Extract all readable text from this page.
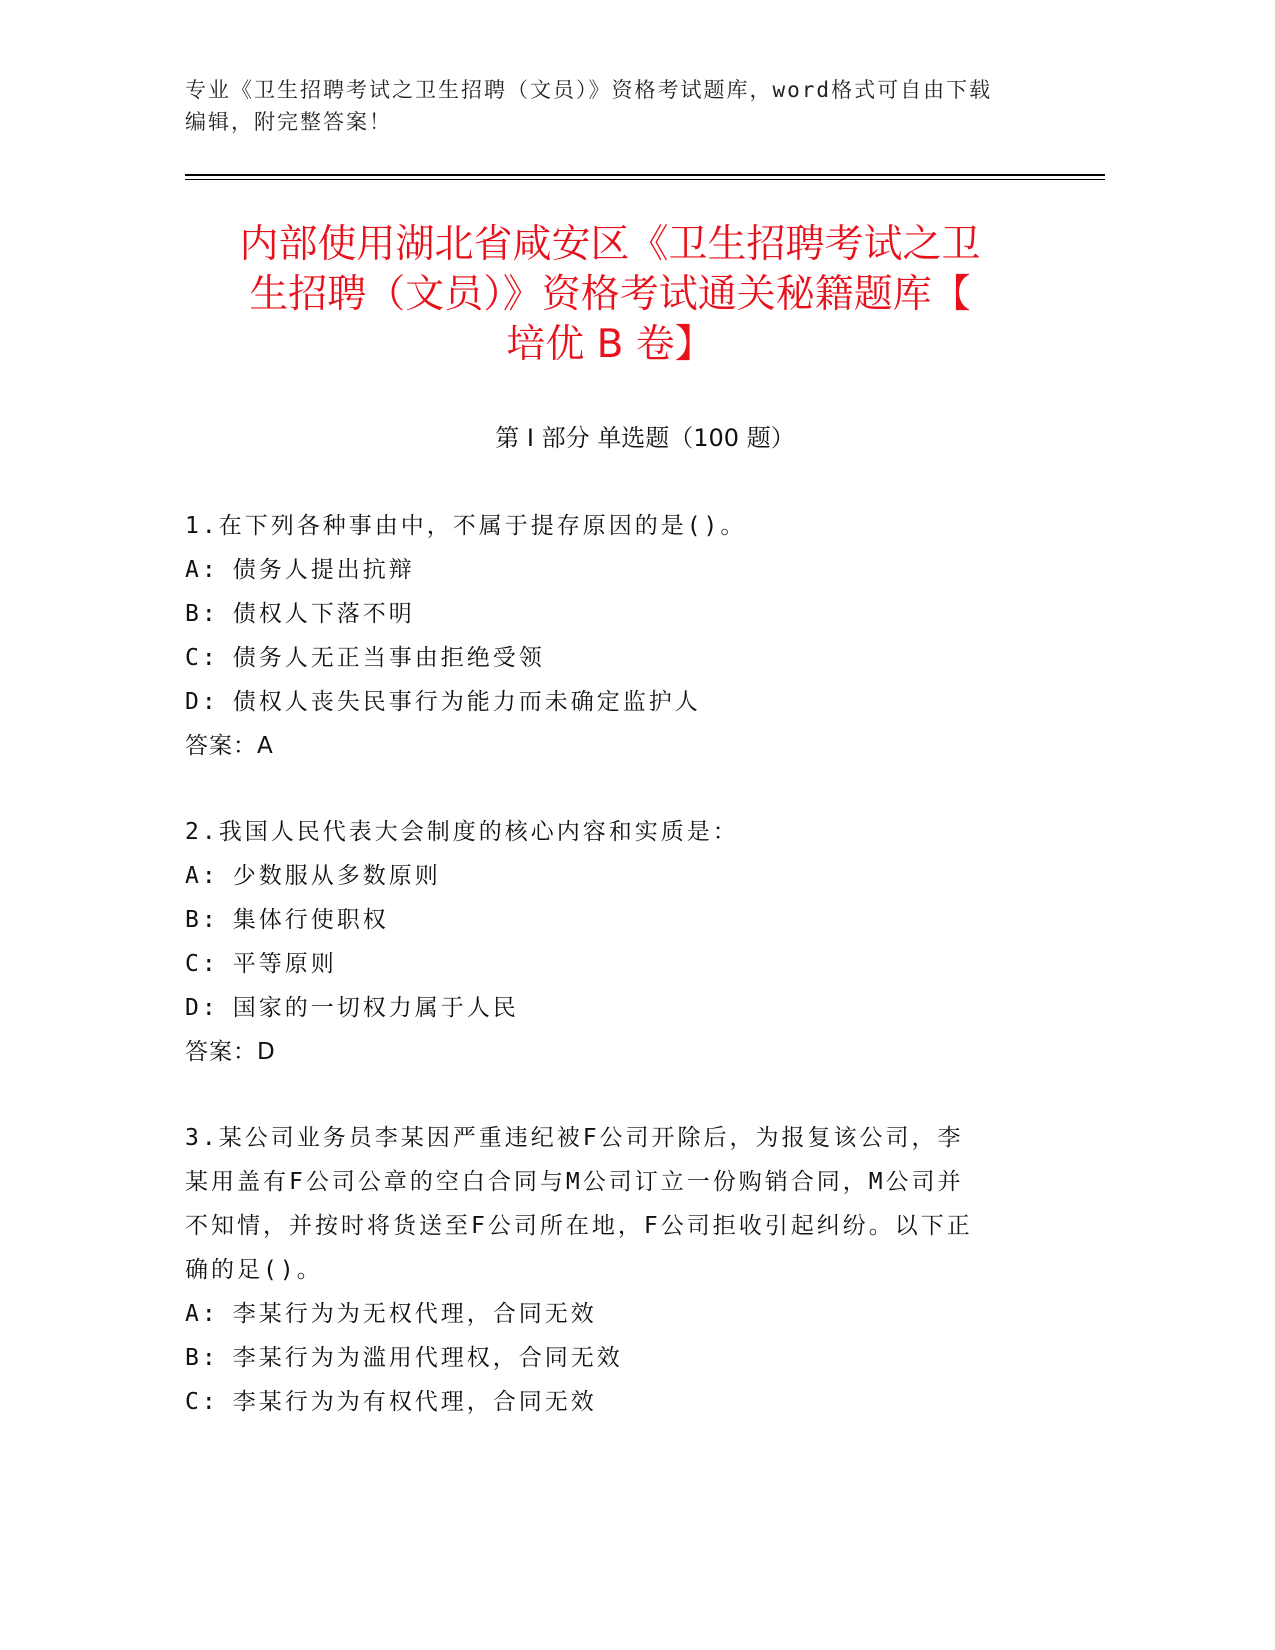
专业《卫生招聘考试之卫生招聘（文员）》资格考试题库，word格式可自由下载
编辑，附完整答案！
内部使用湖北省咸安区《卫生招聘考试之卫
生招聘（文员）》资格考试通关秘籍题库【
培优 B 卷】
第 I 部分 单选题（100 题）
1.在下列各种事由中，不属于提存原因的是()。
A: 债务人提出抗辩
B: 债权人下落不明
C: 债务人无正当事由拒绝受领
D: 债权人丧失民事行为能力而未确定监护人
答案：A
2.我国人民代表大会制度的核心内容和实质是：
A: 少数服从多数原则
B: 集体行使职权
C: 平等原则
D: 国家的一切权力属于人民
答案：D
3.某公司业务员李某因严重违纪被F公司开除后，为报复该公司，李
某用盖有F公司公章的空白合同与M公司订立一份购销合同，M公司并
不知情，并按时将货送至F公司所在地，F公司拒收引起纠纷。以下正
确的足()。
A: 李某行为为无权代理，合同无效
B: 李某行为为滥用代理权，合同无效
C: 李某行为为有权代理，合同无效
